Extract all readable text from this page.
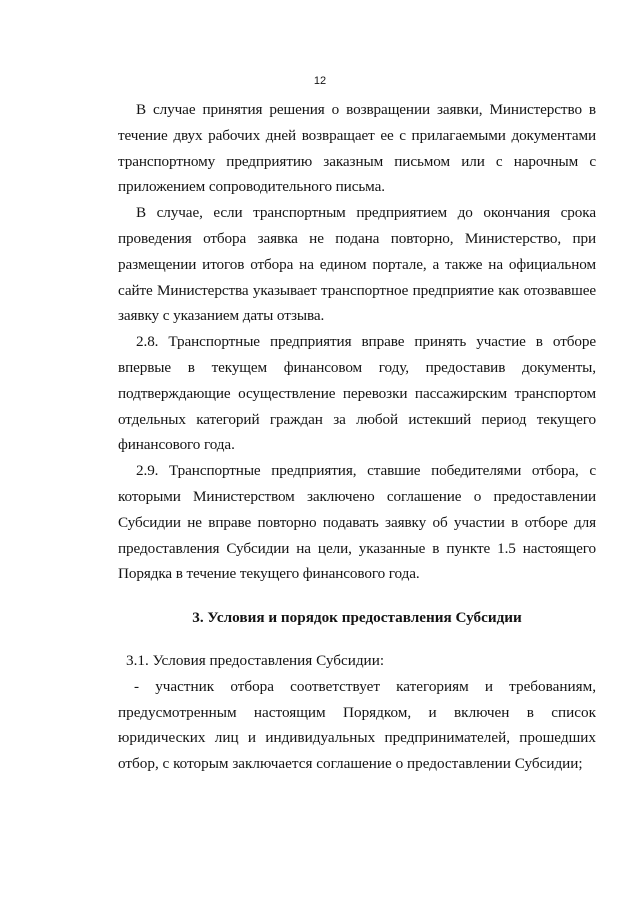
12

В случае принятия решения о возвращении заявки, Министерство в течение двух рабочих дней возвращает ее с прилагаемыми документами транспортному предприятию заказным письмом или с нарочным с приложением сопроводительного письма.

В случае, если транспортным предприятием до окончания срока проведения отбора заявка не подана повторно, Министерство, при размещении итогов отбора на едином портале, а также на официальном сайте Министерства указывает транспортное предприятие как отозвавшее заявку с указанием даты отзыва.

2.8. Транспортные предприятия вправе принять участие в отборе впервые в текущем финансовом году, предоставив документы, подтверждающие осуществление перевозки пассажирским транспортом отдельных категорий граждан за любой истекший период текущего финансового года.

2.9. Транспортные предприятия, ставшие победителями отбора, с которыми Министерством заключено соглашение о предоставлении Субсидии не вправе повторно подавать заявку об участии в отборе для предоставления Субсидии на цели, указанные в пункте 1.5 настоящего Порядка в течение текущего финансового года.

3. Условия и порядок предоставления Субсидии

3.1. Условия предоставления Субсидии:

- участник отбора соответствует категориям и требованиям, предусмотренным настоящим Порядком, и включен в список юридических лиц и индивидуальных предпринимателей, прошедших отбор, с которым заключается соглашение о предоставлении Субсидии;
